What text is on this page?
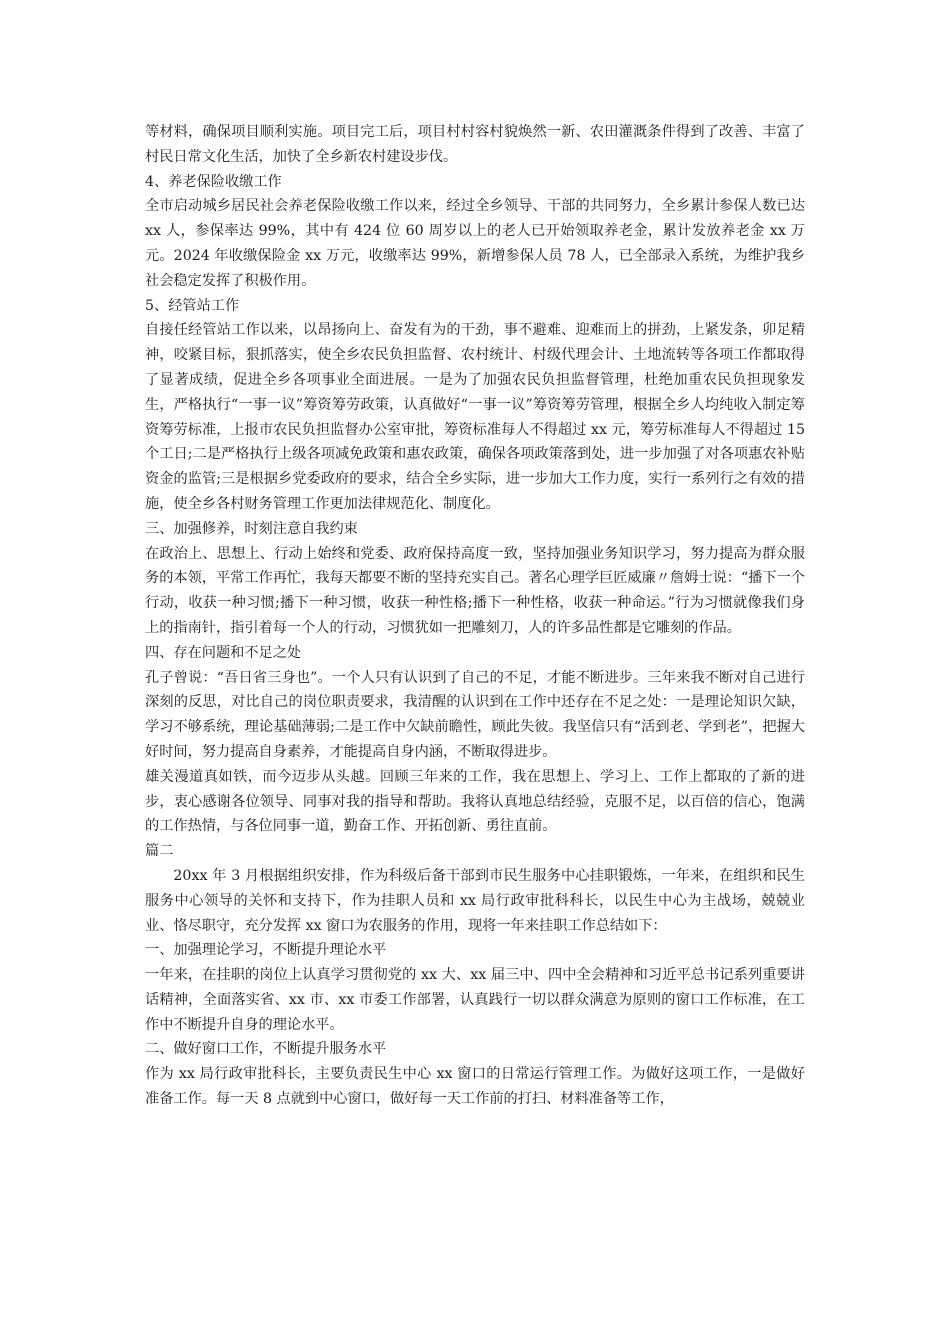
等材料，确保项目顺利实施。项目完工后，项目村村容村貌焕然一新、农田灌溉条件得到了改善、丰富了村民日常文化生活，加快了全乡新农村建设步伐。

4、养老保险收缴工作

全市启动城乡居民社会养老保险收缴工作以来，经过全乡领导、干部的共同努力，全乡累计参保人数已达 xx 人，参保率达 99%，其中有 424 位 60 周岁以上的老人已开始领取养老金，累计发放养老金 xx 万元。2024 年收缴保险金 xx 万元，收缴率达 99%，新增参保人员 78 人，已全部录入系统，为维护我乡社会稳定发挥了积极作用。

5、经管站工作

自接任经管站工作以来，以昂扬向上、奋发有为的干劲，事不避难、迎难而上的拼劲，上紧发条，卯足精神，咬紧目标，狠抓落实，使全乡农民负担监督、农村统计、村级代理会计、土地流转等各项工作都取得了显著成绩，促进全乡各项事业全面进展。一是为了加强农民负担监督管理，杜绝加重农民负担现象发生，严格执行“一事一议”筹资筹劳政策，认真做好“一事一议”筹资筹劳管理，根据全乡人均纯收入制定筹资筹劳标准，上报市农民负担监督办公室审批，筹资标准每人不得超过 xx 元，筹劳标准每人不得超过 15 个工日;二是严格执行上级各项减免政策和惠农政策，确保各项政策落到处，进一步加强了对各项惠农补贴资金的监管;三是根据乡党委政府的要求，结合全乡实际，进一步加大工作力度，实行一系列行之有效的措施，使全乡各村财务管理工作更加法律规范化、制度化。

三、加强修养，时刻注意自我约束

在政治上、思想上、行动上始终和党委、政府保持高度一致，坚持加强业务知识学习，努力提高为群众服务的本领，平常工作再忙，我每天都要不断的坚持充实自己。著名心理学巨匠威廉〃詹姆士说：“播下一个行动，收获一种习惯;播下一种习惯，收获一种性格;播下一种性格，收获一种命运。”行为习惯就像我们身上的指南针，指引着每一个人的行动，习惯犹如一把雕刻刀，人的许多品性都是它雕刻的作品。

四、存在问题和不足之处

孔子曾说：“吾日省三身也”。一个人只有认识到了自己的不足，才能不断进步。三年来我不断对自己进行深刻的反思，对比自己的岗位职责要求，我清醒的认识到在工作中还存在不足之处：一是理论知识欠缺，学习不够系统，理论基础薄弱;二是工作中欠缺前瞻性，顾此失彼。我坚信只有“活到老、学到老”，把握大好时间，努力提高自身素养，才能提高自身内涵，不断取得进步。

雄关漫道真如铁，而今迈步从头越。回顾三年来的工作，我在思想上、学习上、工作上都取的了新的进步，衷心感谢各位领导、同事对我的指导和帮助。我将认真地总结经验，克服不足，以百倍的信心，饱满的工作热情，与各位同事一道，勤奋工作、开拓创新、勇往直前。

篇二

20xx 年 3 月根据组织安排，作为科级后备干部到市民生服务中心挂职锻炼，一年来，在组织和民生服务中心领导的关怀和支持下，作为挂职人员和 xx 局行政审批科科长，以民生中心为主战场，兢兢业业、恪尽职守，充分发挥 xx 窗口为农服务的作用，现将一年来挂职工作总结如下：

一、加强理论学习，不断提升理论水平

一年来，在挂职的岗位上认真学习贯彻党的 xx 大、xx 届三中、四中全会精神和习近平总书记系列重要讲话精神，全面落实省、xx 市、xx 市委工作部署，认真践行一切以群众满意为原则的窗口工作标准，在工作中不断提升自身的理论水平。

二、做好窗口工作，不断提升服务水平

作为 xx 局行政审批科长，主要负责民生中心 xx 窗口的日常运行管理工作。为做好这项工作，一是做好准备工作。每一天 8 点就到中心窗口，做好每一天工作前的打扫、材料准备等工作，
